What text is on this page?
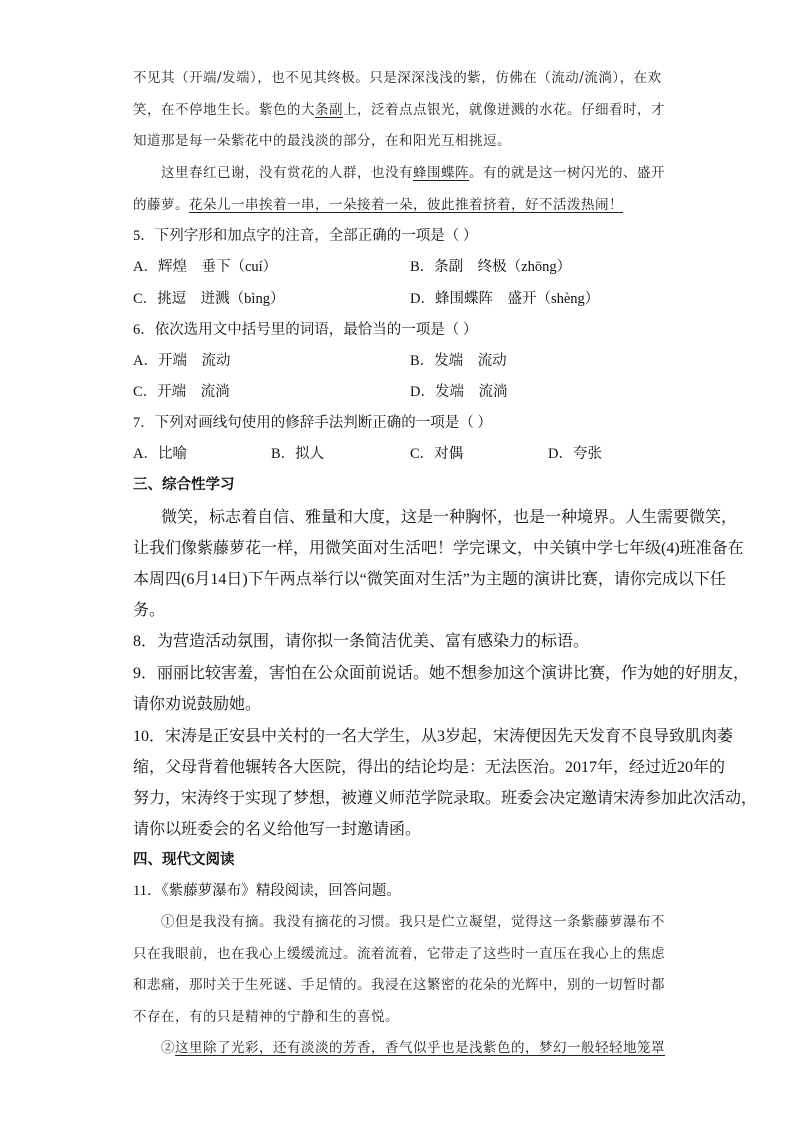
不见其（开端/发端），也不见其终极。只是深深浅浅的紫，仿佛在（流动/流淌），在欢
笑，在不停地生长。紫色的大条副上，泛着点点银光，就像迸溅的水花。仔细看时，才
知道那是每一朵紫花中的最浅淡的部分，在和阳光互相挑逗。
这里春红已谢，没有赏花的人群，也没有蜂围蝶阵。有的就是这一树闪光的、盛开
的藤萝。花朵儿一串挨着一串，一朵接着一朵，彼此推着挤着，好不活泼热闹！
5．下列字形和加点字的注音，全部正确的一项是（ ）
A．辉煌　垂下（cuí）	B．条副　终极（zhōng）
C．挑逗　迸溅（bìng）	D．蜂围蝶阵　盛开（shèng）
6．依次选用文中括号里的词语，最恰当的一项是（ ）
A．开端　流动	B．发端　流动
C．开端　流淌	D．发端　流淌
7．下列对画线句使用的修辞手法判断正确的一项是（ ）
A．比喻	B．拟人	C．对偶	D．夸张
三、综合性学习
微笑，标志着自信、雅量和大度，这是一种胸怀，也是一种境界。人生需要微笑，
让我们像紫藤萝花一样，用微笑面对生活吧！学完课文，中关镇中学七年级(4)班准备在
本周四(6月14日)下午两点举行以“微笑面对生活”为主题的演讲比赛，请你完成以下任
务。
8．为营造活动氛围，请你拟一条简洁优美、富有感染力的标语。
9．丽丽比较害羞，害怕在公众面前说话。她不想参加这个演讲比赛，作为她的好朋友，
请你劝说鼓励她。
10．宋涛是正安县中关村的一名大学生，从3岁起，宋涛便因先天发育不良导致肌肉萎
缩，父母背着他辗转各大医院，得出的结论均是：无法医治。2017年，经过近20年的
努力，宋涛终于实现了梦想，被遵义师范学院录取。班委会决定邀请宋涛参加此次活动，
请你以班委会的名义给他写一封邀请函。
四、现代文阅读
11．《紫藤萝瀑布》精段阅读，回答问题。
①但是我没有摘。我没有摘花的习惯。我只是伫立凝望，觉得这一条紫藤萝瀑布不
只在我眼前，也在我心上缓缓流过。流着流着，它带走了这些时一直压在我心上的焦虑
和悲痛，那时关于生死谜、手足情的。我浸在这繁密的花朵的光辉中，别的一切暂时都
不存在，有的只是精神的宁静和生的喜悦。
②这里除了光彩，还有淡淡的芳香，香气似乎也是浅紫色的，梦幻一般轻轻地笼罩
